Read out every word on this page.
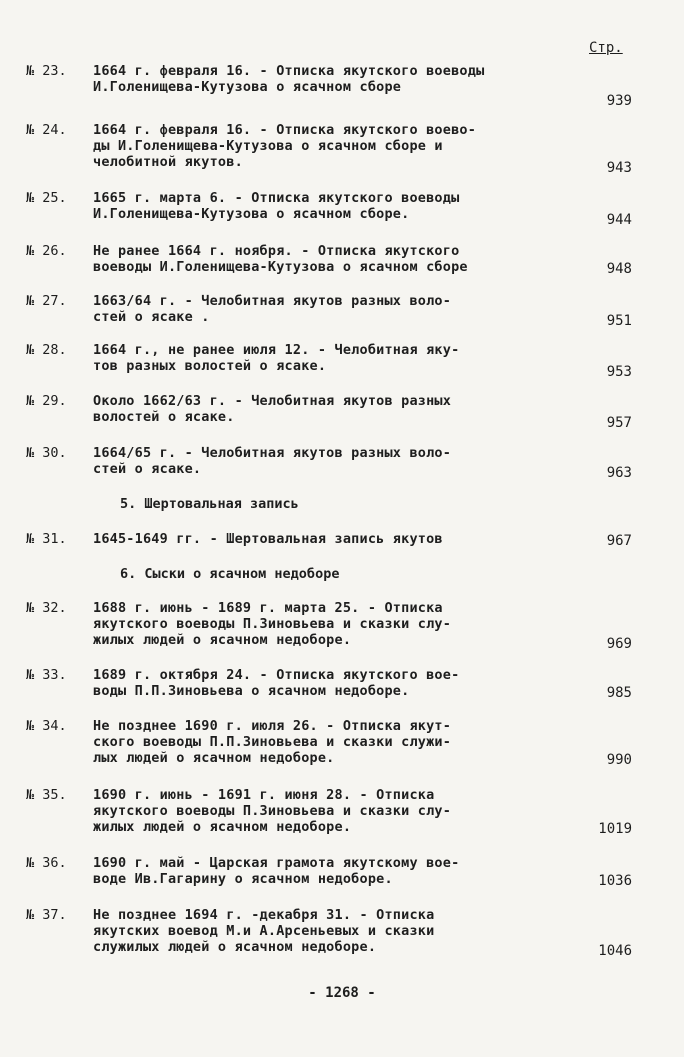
Стр.
№ 23. 1664 г. февраля 16. - Отписка якутского воеводы
И.Голенищева-Кутузова о ясачном сборе
939
№ 24. 1664 г. февраля 16. - Отписка якутского воево-
ды И.Голенищева-Кутузова о ясачном сборе и
челобитной якутов.	943
№ 25. 1665 г. марта 6. - Отписка якутского воеводы
И.Голенищева-Кутузова о ясачном сборе.	944
№ 26. Не ранее 1664 г. ноября. - Отписка якутского
воеводы И.Голенищева-Кутузова о ясачном сборе	948
№ 27. 1663/64 г. - Челобитная якутов разных воло-
стей о ясаке .	951
№ 28. 1664 г., не ранее июля 12. - Челобитная яку-
тов разных волостей о ясаке.	953
№ 29. Около 1662/63 г. - Челобитная якутов разных
волостей о ясаке.	957
№ 30. 1664/65 г. - Челобитная якутов разных воло-
стей о ясаке.	963
5. Шертовальная запись
№ 31. 1645-1649 гг. - Шертовальная запись якутов	967
6. Сыски о ясачном недоборе
№ 32. 1688 г. июнь - 1689 г. марта 25. - Отписка
якутского воеводы П.Зиновьева и сказки слу-
жилых людей о ясачном недоборе.	969
№ 33. 1689 г. октября 24. - Отписка якутского вое-
воды П.П.Зиновьева о ясачном недоборе.	985
№ 34. Не позднее 1690 г. июля 26. - Отписка якут-
ского воеводы П.П.Зиновьева и сказки служи-
лых людей о ясачном недоборе.	990
№ 35. 1690 г. июнь - 1691 г. июня 28. - Отписка
якутского воеводы П.Зиновьева и сказки слу-
жилых людей о ясачном недоборе.	1019
№ 36. 1690 г. май - Царская грамота якутскому вое-
воде Ив.Гагарину о ясачном недоборе.	1036
№ 37. Не позднее 1694 г. -декабря 31. - Отписка
якутских воевод М.и А.Арсеньевых и сказки
служилых людей о ясачном недоборе.	1046
- 1268 -
